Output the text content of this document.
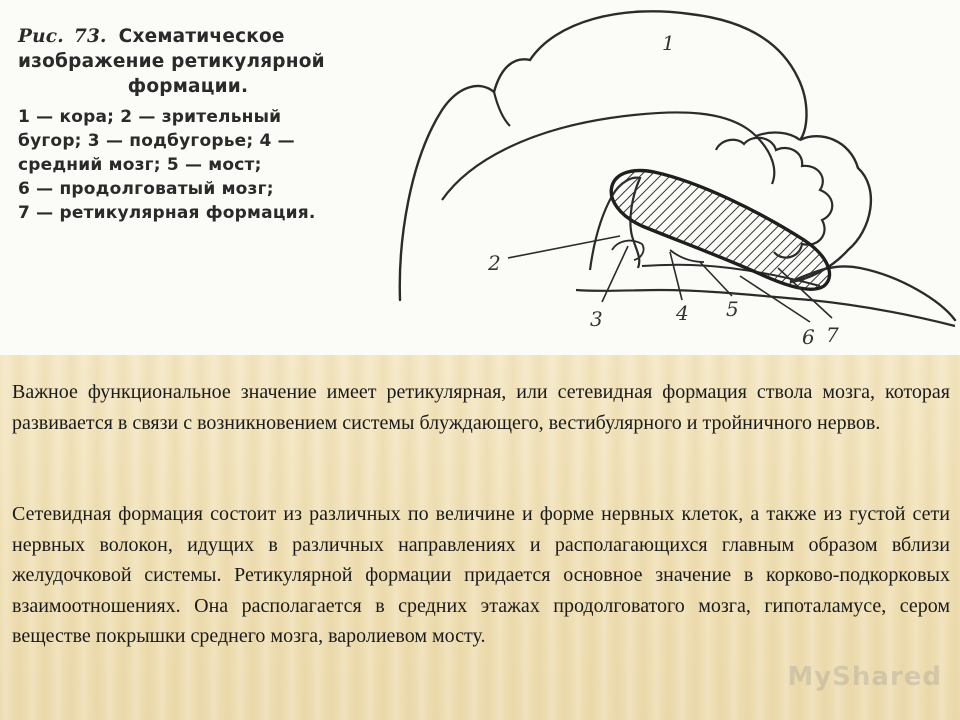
Рис. 73. Схематическое
изображение ретикулярной
формации.
1 — кора; 2 — зрительный
бугор; 3 — подбугорье; 4 —
средний мозг; 5 — мост;
6 — продолговатый мозг;
7 — ретикулярная формация.
1
2
3	4 5
6 7

Важное функциональное значение имеет ретикулярная, или сетевидная формация ствола мозга, которая развивается в связи с возникновением системы блуждающего, вестибулярного и тройничного нервов.

Сетевидная формация состоит из различных по величине и форме нервных клеток, а также из густой сети нервных волокон, идущих в различных направлениях и располагающихся главным образом вблизи желудочковой системы. Ретикулярной формации придается основное значение в корково-подкорковых взаимоотношениях. Она располагается в средних этажах продолговатого мозга, гипоталамусе, сером веществе покрышки среднего мозга, варолиевом мосту.

MyShared
